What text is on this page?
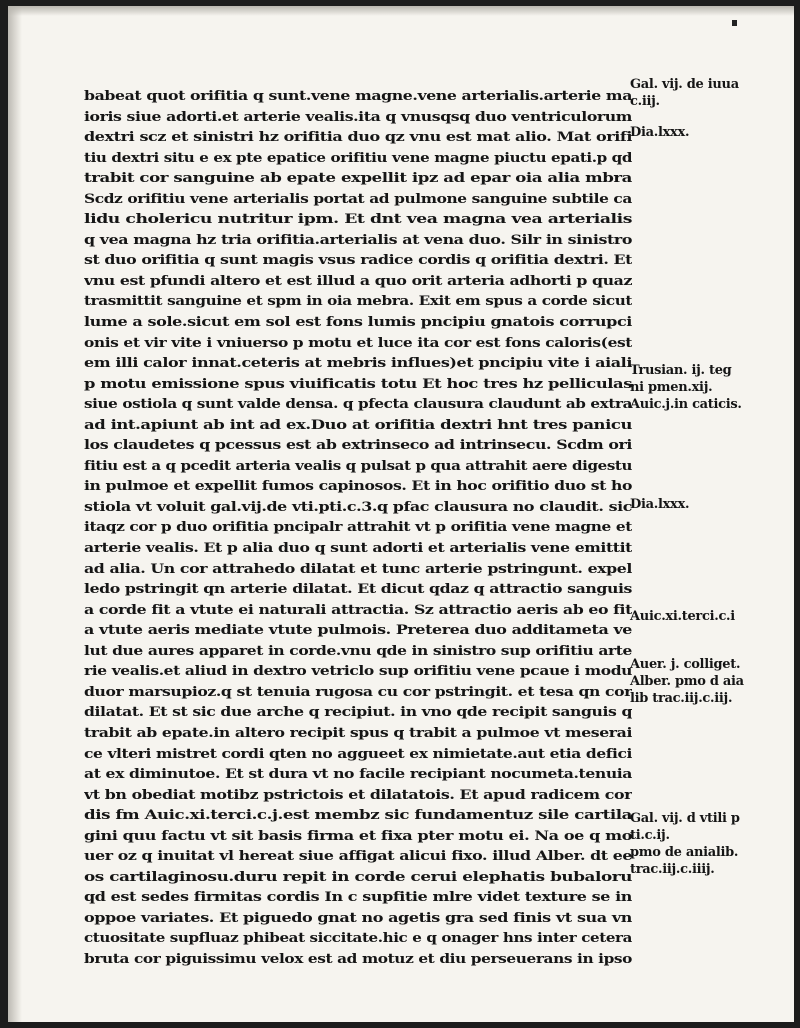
babeat quot orifitia q sunt.vene magne.vene arterialis.arterie ma
ioris siue adorti.et arterie vealis.ita q vnusqsq duo ventriculorum
dextri scz et sinistri hz orifitia duo qz vnu est mat alio. Mat orifi
tiu dextri situ e ex pte epatice orifitiu vene magne piuctu epati.p qd
trabit cor sanguine ab epate expellit ipz ad epar oia alia mbra
Scdz orifitiu vene arterialis portat ad pulmone sanguine subtile ca
lidu cholericu nutritur ipm. Et dnt vea magna vea arterialis
q vea magna hz tria orifitia.arterialis at vena duo. Silr in sinistro
st duo orifitia q sunt magis vsus radice cordis q orifitia dextri. Et
vnu est pfundi altero et est illud a quo orit arteria adhorti p quaz
trasmittit sanguine et spm in oia mebra. Exit em spus a corde sicut
lume a sole.sicut em sol est fons lumis pncipiu gnatois corrupci
onis et vir vite i vniuerso p motu et luce ita cor est fons caloris(est
em illi calor innat.ceteris at mebris influes)et pncipiu vite i aiali
p motu emissione spus viuificatis totu Et hoc tres hz pelliculas
siue ostiola q sunt valde densa. q pfecta clausura claudunt ab extra
ad int.apiunt ab int ad ex.Duo at orifitia dextri hnt tres panicu
los claudetes q pcessus est ab extrinseco ad intrinsecu. Scdm ori
fitiu est a q pcedit arteria vealis q pulsat p qua attrahit aere digestu
in pulmoe et expellit fumos capinosos. Et in hoc orifitio duo st ho
stiola vt voluit gal.vij.de vti.pti.c.3.q pfac clausura no claudit. sic
itaqz cor p duo orifitia pncipalr attrahit vt p orifitia vene magne et
arterie vealis. Et p alia duo q sunt adorti et arterialis vene emittit
ad alia. Un cor attrahedo dilatat et tunc arterie pstringunt. expel
ledo pstringit qn arterie dilatat. Et dicut qdaz q attractio sanguis
a corde fit a vtute ei naturali attractia. Sz attractio aeris ab eo fit
a vtute aeris mediate vtute pulmois. Preterea duo additameta ve
lut due aures apparet in corde.vnu qde in sinistro sup orifitiu arte
rie vealis.et aliud in dextro vetriclo sup orifitiu vene pcaue i modu
duor marsupioz.q st tenuia rugosa cu cor pstringit. et tesa qn cor
dilatat. Et st sic due arche q recipiut. in vno qde recipit sanguis q
trabit ab epate.in altero recipit spus q trabit a pulmoe vt meserai
ce vlteri mistret cordi qten no aggueet ex nimietate.aut etia defici
at ex diminutoe. Et st dura vt no facile recipiant nocumeta.tenuia
vt bn obediat motibz pstrictois et dilatatois. Et apud radicem cor
dis fm Auic.xi.terci.c.j.est membz sic fundamentuz sile cartila
gini quu factu vt sit basis firma et fixa pter motu ei. Na oe q mo
uer oz q inuitat vl hereat siue affigat alicui fixo. illud Alber. dt ee
os cartilaginosu.duru repit in corde cerui elephatis bubaloru
qd est sedes firmitas cordis In c supfitie mlre videt texture se in
oppoe variates. Et piguedo gnat no agetis gra sed finis vt sua vn
ctuositate supfluaz phibeat siccitate.hic e q onager hns inter cetera
bruta cor piguissimu velox est ad motuz et diu perseuerans in ipso
Gal. vij. de iuua
c.iij.
Dia.lxxx.
Trusian. ij. teg
ni pmen.xij.
Auic.j.in caticis.
Dia.lxxx.
Auic.xi.terci.c.i
Auer. j. colliget.
Alber. pmo d aia
lib trac.iij.c.iij.
Gal. vij. d vtili p
ti.c.ij.
pmo de anialib.
trac.iij.c.iiij.
